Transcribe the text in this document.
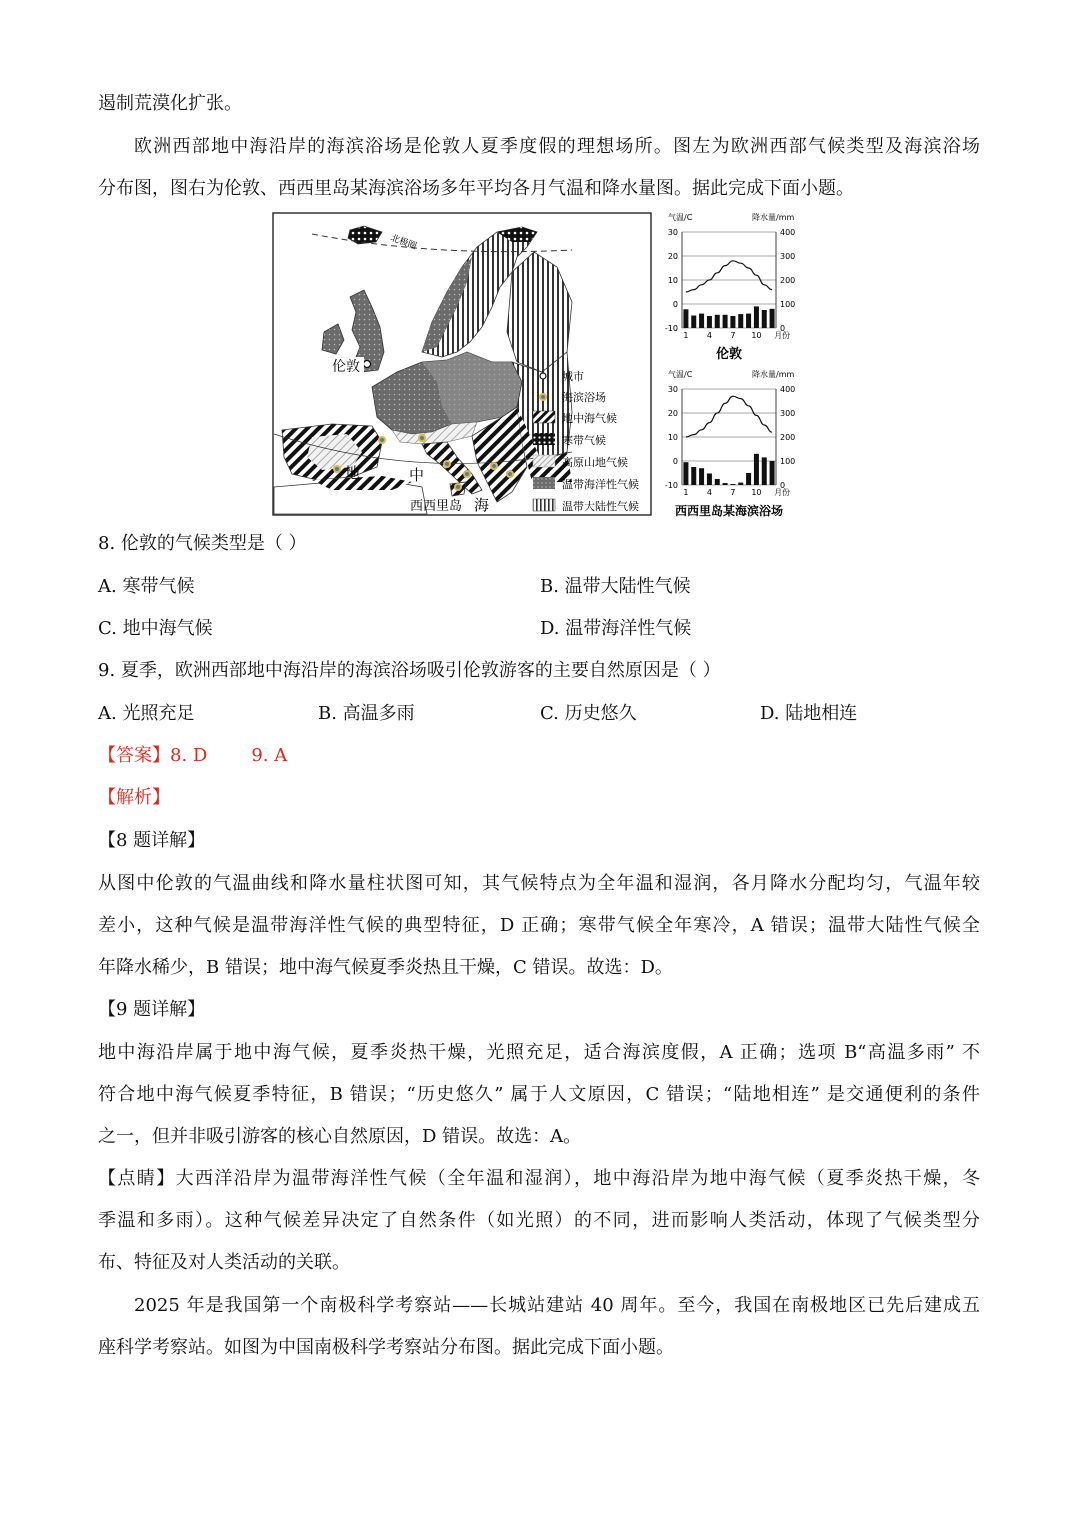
遏制荒漠化扩张。
欧洲西部地中海沿岸的海滨浴场是伦敦人夏季度假的理想场所。图左为欧洲西部气候类型及海滨浴场
分布图，图右为伦敦、西西里岛某海滨浴场多年平均各月气温和降水量图。据此完成下面小题。
北极圈
伦敦
地	中
海
西西里岛
城市
海滨浴场
地中海气候
寒带气候
高原山地气候
温带海洋性气候
温带大陆性气候
气温/C	降水量/mm
30	400
20	300
10	200
0	100
-10	0
1 4 7 10 月份
伦敦
气温/C	降水量/mm
30	400
20	300
10	200
0	100
-10	0
1 4 7 10 月份
西西里岛某海滨浴场
8. 伦敦的气候类型是（ ）
A. 寒带气候	B. 温带大陆性气候
C. 地中海气候	D. 温带海洋性气候
9. 夏季，欧洲西部地中海沿岸的海滨浴场吸引伦敦游客的主要自然原因是（ ）
A. 光照充足	B. 高温多雨	C. 历史悠久	D. 陆地相连
【答案】8. D 9. A
【解析】
【8 题详解】
从图中伦敦的气温曲线和降水量柱状图可知，其气候特点为全年温和湿润，各月降水分配均匀，气温年较
差小，这种气候是温带海洋性气候的典型特征，D 正确；寒带气候全年寒冷，A 错误；温带大陆性气候全
年降水稀少，B 错误；地中海气候夏季炎热且干燥，C 错误。故选：D。
【9 题详解】
地中海沿岸属于地中海气候，夏季炎热干燥，光照充足，适合海滨度假，A 正确；选项 B“高温多雨” 不
符合地中海气候夏季特征，B 错误；“历史悠久” 属于人文原因，C 错误；“陆地相连” 是交通便利的条件
之一，但并非吸引游客的核心自然原因，D 错误。故选：A。
【点睛】大西洋沿岸为温带海洋性气候（全年温和湿润），地中海沿岸为地中海气候（夏季炎热干燥，冬
季温和多雨）。这种气候差异决定了自然条件（如光照）的不同，进而影响人类活动，体现了气候类型分
布、特征及对人类活动的关联。
2025 年是我国第一个南极科学考察站——长城站建站 40 周年。至今，我国在南极地区已先后建成五
座科学考察站。如图为中国南极科学考察站分布图。据此完成下面小题。
